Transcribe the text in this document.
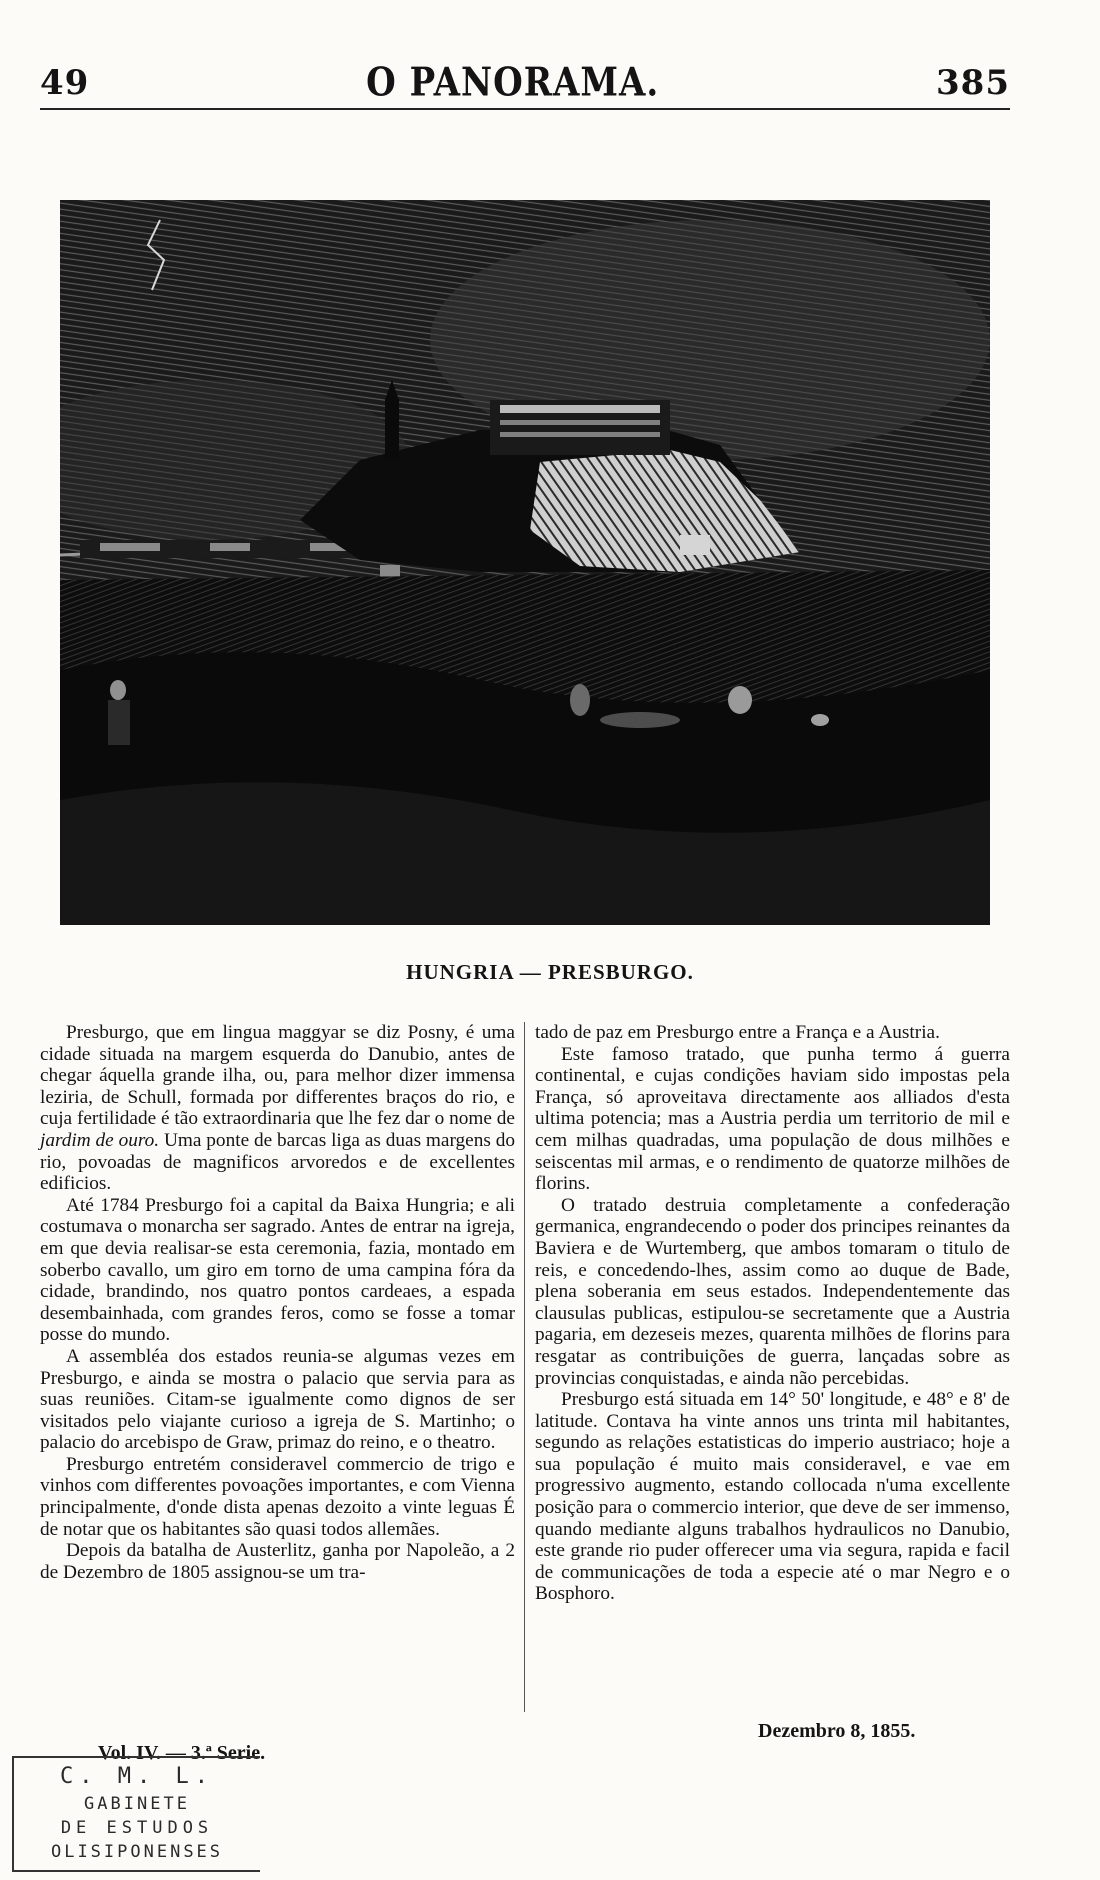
49	O PANORAMA.	385
HUNGRIA — PRESBURGO.

Presburgo, que em lingua maggyar se diz Posny, é uma cidade situada na margem esquerda do Danubio, antes de chegar áquella grande ilha, ou, para melhor dizer immensa leziria, de Schull, formada por differentes braços do rio, e cuja fertilidade é tão extraordinaria que lhe fez dar o nome de jardim de ouro. Uma ponte de barcas liga as duas margens do rio, povoadas de magnificos arvoredos e de excellentes edificios.

Até 1784 Presburgo foi a capital da Baixa Hungria; e ali costumava o monarcha ser sagrado. Antes de entrar na igreja, em que devia realisar-se esta ceremonia, fazia, montado em soberbo cavallo, um giro em torno de uma campina fóra da cidade, brandindo, nos quatro pontos cardeaes, a espada desembainhada, com grandes feros, como se fosse a tomar posse do mundo.

A assembléa dos estados reunia-se algumas vezes em Presburgo, e ainda se mostra o palacio que servia para as suas reuniões. Citam-se igualmente como dignos de ser visitados pelo viajante curioso a igreja de S. Martinho; o palacio do arcebispo de Graw, primaz do reino, e o theatro.

Presburgo entretém consideravel commercio de trigo e vinhos com differentes povoações importantes, e com Vienna principalmente, d'onde dista apenas dezoito a vinte leguas É de notar que os habitantes são quasi todos allemães.

Depois da batalha de Austerlitz, ganha por Napoleão, a 2 de Dezembro de 1805 assignou-se um tra-

tado de paz em Presburgo entre a França e a Austria.

Este famoso tratado, que punha termo á guerra continental, e cujas condições haviam sido impostas pela França, só aproveitava directamente aos alliados d'esta ultima potencia; mas a Austria perdia um territorio de mil e cem milhas quadradas, uma população de dous milhões e seiscentas mil armas, e o rendimento de quatorze milhões de florins.

O tratado destruia completamente a confederação germanica, engrandecendo o poder dos principes reinantes da Baviera e de Wurtemberg, que ambos tomaram o titulo de reis, e concedendo-lhes, assim como ao duque de Bade, plena soberania em seus estados. Independentemente das clausulas publicas, estipulou-se secretamente que a Austria pagaria, em dezeseis mezes, quarenta milhões de florins para resgatar as contribuições de guerra, lançadas sobre as provincias conquistadas, e ainda não percebidas.

Presburgo está situada em 14° 50' longitude, e 48° e 8' de latitude. Contava ha vinte annos uns trinta mil habitantes, segundo as relações estatisticas do imperio austriaco; hoje a sua população é muito mais consideravel, e vae em progressivo augmento, estando collocada n'uma excellente posição para o commercio interior, que deve de ser immenso, quando mediante alguns trabalhos hydraulicos no Danubio, este grande rio puder offerecer uma via segura, rapida e facil de communicações de toda a especie até o mar Negro e o Bosphoro.

Vol. IV. — 3.ª Serie.
Dezembro 8, 1855.
C. M. L.
GABINETE
DE ESTUDOS
OLISIPONENSES
